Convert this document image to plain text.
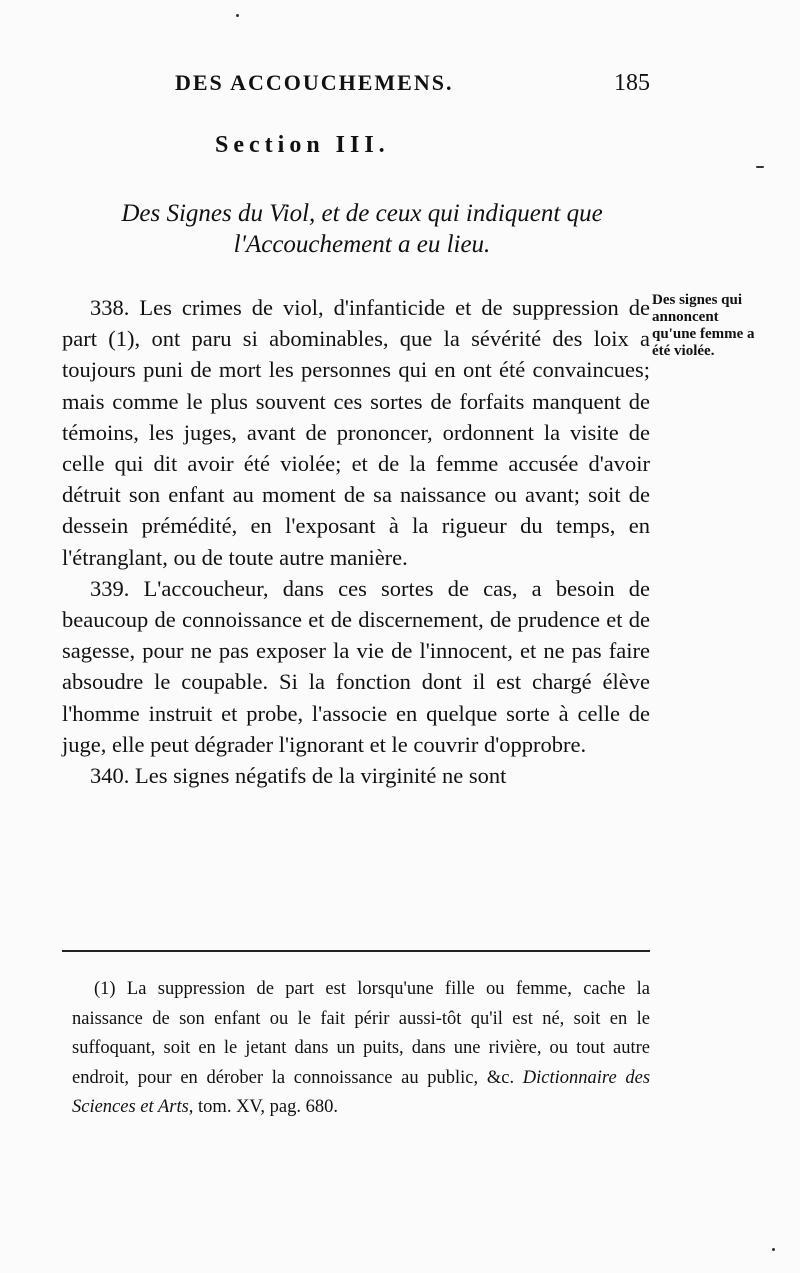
DES ACCOUCHEMENS.	185
Section III.
Des Signes du Viol, et de ceux qui indiquent que
l'Accouchement a eu lieu.

338. Les crimes de viol, d'infanticide et de suppression de part (1), ont paru si abominables, que la sévérité des loix a toujours puni de mort les personnes qui en ont été convaincues; mais comme le plus souvent ces sortes de forfaits manquent de témoins, les juges, avant de prononcer, ordonnent la visite de celle qui dit avoir été violée; et de la femme accusée d'avoir détruit son enfant au moment de sa naissance ou avant; soit de dessein prémédité, en l'exposant à la rigueur du temps, en l'étranglant, ou de toute autre manière.

339. L'accoucheur, dans ces sortes de cas, a besoin de beaucoup de connoissance et de discernement, de prudence et de sagesse, pour ne pas exposer la vie de l'innocent, et ne pas faire absoudre le coupable. Si la fonction dont il est chargé élève l'homme instruit et probe, l'associe en quelque sorte à celle de juge, elle peut dégrader l'ignorant et le couvrir d'opprobre.

340. Les signes négatifs de la virginité ne sont

Des signes qui annoncent qu'une femme a été violée.

(1) La suppression de part est lorsqu'une fille ou femme, cache la naissance de son enfant ou le fait périr aussi-tôt qu'il est né, soit en le suffoquant, soit en le jetant dans un puits, dans une rivière, ou tout autre endroit, pour en dérober la connoissance au public, &c. Dictionnaire des Sciences et Arts, tom. XV, pag. 680.
